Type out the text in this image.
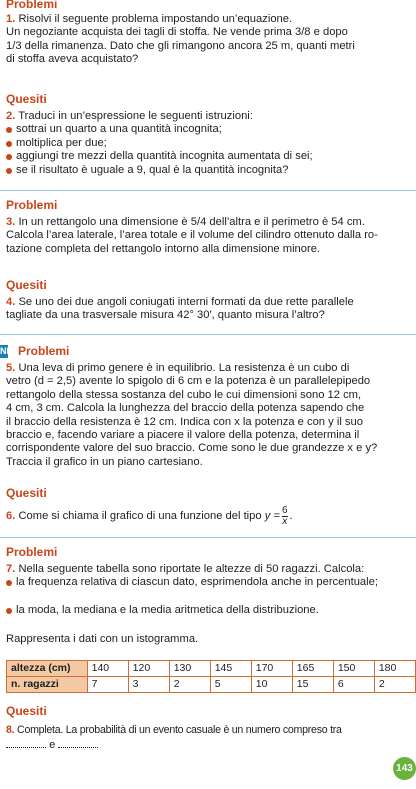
Problemi

1. Risolvi il seguente problema impostando un’equazione.

Un negoziante acquista dei tagli di stoffa. Ne vende prima 3/8 e dopo

1/3 della rimanenza. Dato che gli rimangono ancora 25 m, quanti metri

di stoffa aveva acquistato?

Quesiti

2. Traduci in un’espressione le seguenti istruzioni:

sottrai un quarto a una quantità incognita;
moltiplica per due;
aggiungi tre mezzi della quantità incognita aumentata di sei;
se il risultato è uguale a 9, qual è la quantità incognita?
Problemi

3. In un rettangolo una dimensione è 5/4 dell’altra e il perimetro è 54 cm.

Calcola l’area laterale, l’area totale e il volume del cilindro ottenuto dalla ro-

tazione completa del rettangolo intorno alla dimensione minore.

Quesiti

4. Se uno dei due angoli coniugati interni formati da due rette parallele

tagliate da una trasversale misura 42° 30′, quanto misura l’altro?

NI Problemi

5. Una leva di primo genere è in equilibrio. La resistenza è un cubo di

vetro (d = 2,5) avente lo spigolo di 6 cm e la potenza è un parallelepipedo

rettangolo della stessa sostanza del cubo le cui dimensioni sono 12 cm,

4 cm, 3 cm. Calcola la lunghezza del braccio della potenza sapendo che

il braccio della resistenza è 12 cm. Indica con x la potenza e con y il suo

braccio e, facendo variare a piacere il valore della potenza, determina il

corrispondente valore del suo braccio. Come sono le due grandezze x e y?

Traccia il grafico in un piano cartesiano.

Quesiti

6.
Come si chiama il grafico di una funzione del tipo
$y = \frac{6}{x}$ .

Problemi

7. Nella seguente tabella sono riportate le altezze di 50 ragazzi. Calcola:

la frequenza relativa di ciascun dato, esprimendola anche in percentuale;
la moda, la mediana e la media aritmetica della distribuzione.

Rappresenta i dati con un istogramma.

altezza (cm)	140	120	130	145	170	165	150	180
n. ragazzi	7	3	2	5	10	15	6	2
Quesiti

8. Completa. La probabilità di un evento casuale è un numero compreso tra

e

143
